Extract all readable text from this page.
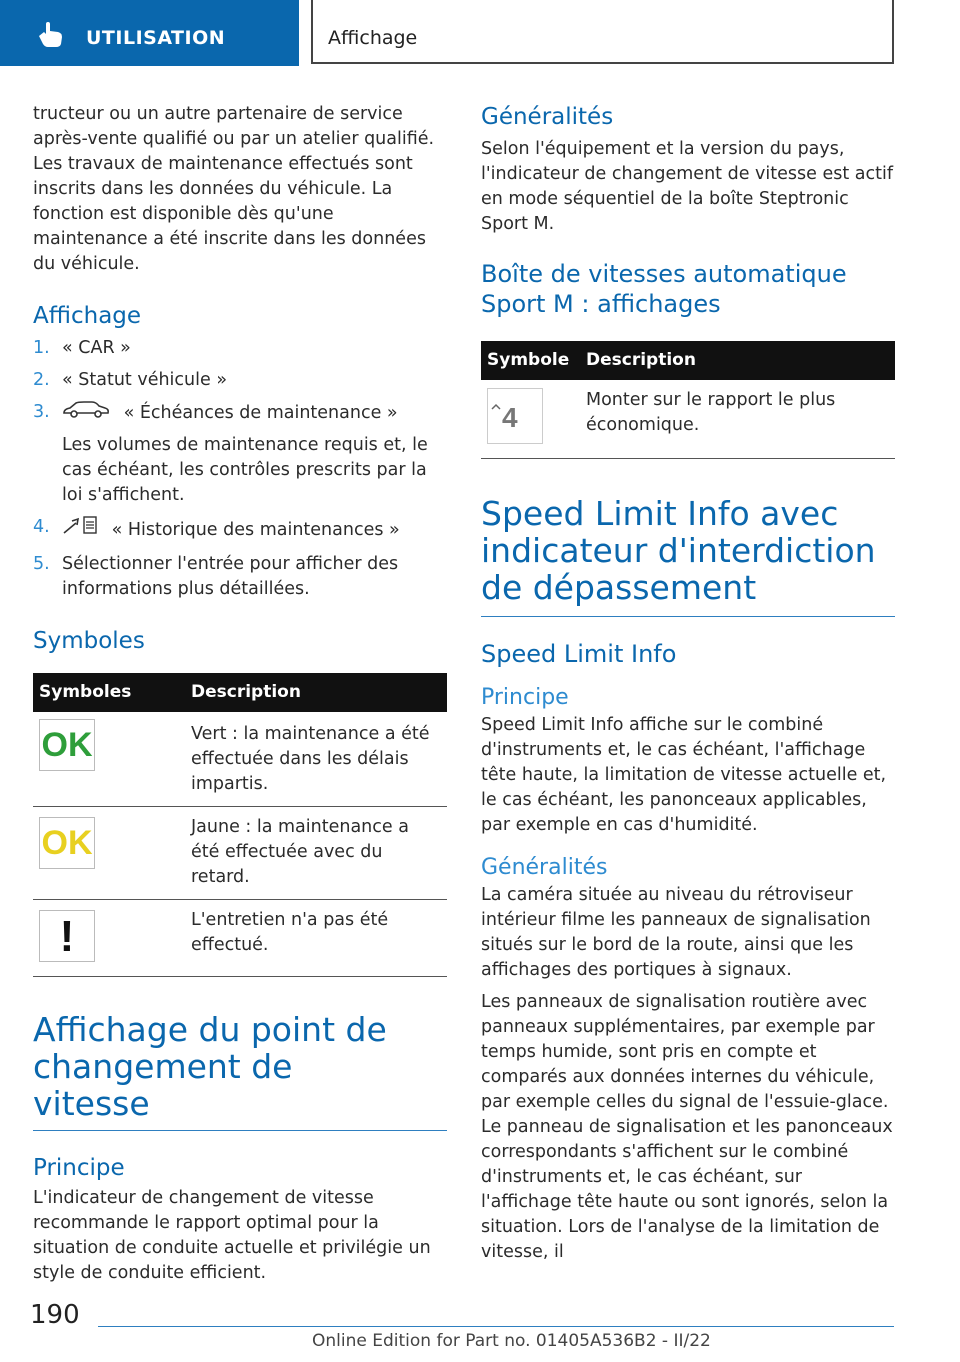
UTILISATION	Affichage

tructeur ou un autre partenaire de service après-vente qualifié ou par un atelier qualifié. Les travaux de maintenance effectués sont inscrits dans les données du véhicule. La fonction est disponible dès qu'une maintenance a été inscrite dans les données du véhicule.

Affichage
1. « CAR »
2. « Statut véhicule »
3.	« Échéances de maintenance »

Les volumes de maintenance requis et, le cas échéant, les contrôles prescrits par la loi s'affichent.

4.	« Historique des maintenances »
5. Sélectionner l'entrée pour afficher des informations plus détaillées.
Symboles
Symboles	Description

OK	Vert : la maintenance a été effectuée dans les délais impartis.

OK	Jaune : la maintenance a été effectuée avec du retard.

!	L'entretien n'a pas été effectué.
Affichage du point de changement de vitesse
Principe

L'indicateur de changement de vitesse recommande le rapport optimal pour la situation de conduite actuelle et privilégie un style de conduite efficient.

Généralités

Selon l'équipement et la version du pays, l'indicateur de changement de vitesse est actif en mode séquentiel de la boîte Steptronic Sport M.

Boîte de vitesses automatique Sport M : affichages
Symbole	Description

4	Monter sur le rapport le plus économique.
Speed Limit Info avec indicateur d'interdiction de dépassement
Speed Limit Info
Principe

Speed Limit Info affiche sur le combiné d'instruments et, le cas échéant, l'affichage tête haute, la limitation de vitesse actuelle et, le cas échéant, les panonceaux applicables, par exemple en cas d'humidité.

Généralités

La caméra située au niveau du rétroviseur intérieur filme les panneaux de signalisation situés sur le bord de la route, ainsi que les affichages des portiques à signaux.

Les panneaux de signalisation routière avec panneaux supplémentaires, par exemple par temps humide, sont pris en compte et comparés aux données internes du véhicule, par exemple celles du signal de l'essuie-glace. Le panneau de signalisation et les panonceaux correspondants s'affichent sur le combiné d'instruments et, le cas échéant, sur l'affichage tête haute ou sont ignorés, selon la situation. Lors de l'analyse de la limitation de vitesse, il

190
Online Edition for Part no. 01405A536B2 - II/22
